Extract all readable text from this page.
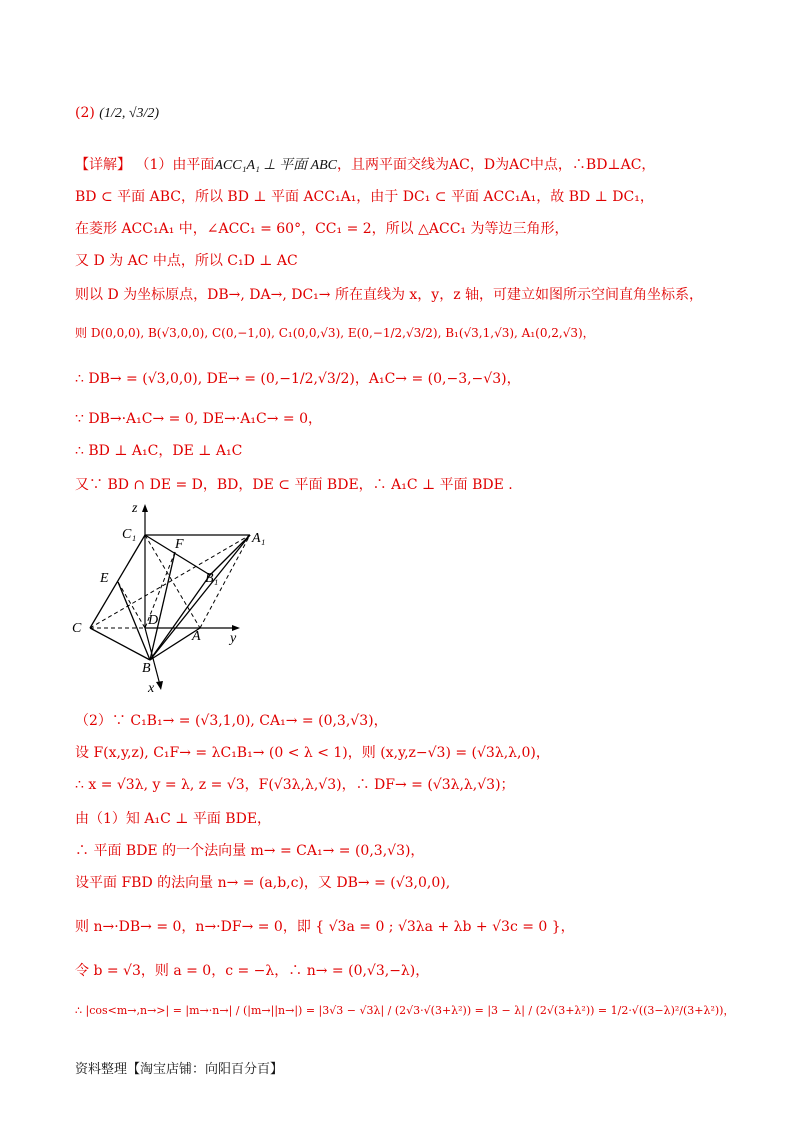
(2) (1/2, √3/2)
【详解】 （1）由平面ACC₁A₁ ⊥ 平面 ABC，且两平面交线为AC，D为AC中点，∴BD⊥AC，
BD ⊂ 平面 ABC，所以 BD ⊥ 平面 ACC₁A₁，由于 DC₁ ⊂ 平面 ACC₁A₁，故 BD ⊥ DC₁，
在菱形 ACC₁A₁ 中，∠ACC₁ = 60°，CC₁ = 2，所以 △ACC₁ 为等边三角形，
又 D 为 AC 中点，所以 C₁D ⊥ AC
则以 D 为坐标原点，DB→, DA→, DC₁→ 所在直线为 x，y，z 轴，可建立如图所示空间直角坐标系，
则 D(0,0,0), B(√3,0,0), C(0,−1,0), C₁(0,0,√3), E(0,−1/2,√3/2), B₁(√3,1,√3), A₁(0,2,√3)，
∴ DB→ = (√3,0,0), DE→ = (0,−1/2,√3/2)，A₁C→ = (0,−3,−√3)，
∵ DB→·A₁C→ = 0, DE→·A₁C→ = 0，
∴ BD ⊥ A₁C，DE ⊥ A₁C
又∵ BD ∩ DE = D，BD，DE ⊂ 平面 BDE，∴ A₁C ⊥ 平面 BDE .
z
C₁
F	A₁
E	B₁
C
D
A y
B
x
（2）∵ C₁B₁→ = (√3,1,0), CA₁→ = (0,3,√3)，
设 F(x,y,z), C₁F→ = λC₁B₁→ (0 < λ < 1)，则 (x,y,z−√3) = (√3λ,λ,0)，
∴ x = √3λ, y = λ, z = √3，F(√3λ,λ,√3)，∴ DF→ = (√3λ,λ,√3)；
由（1）知 A₁C ⊥ 平面 BDE，
∴ 平面 BDE 的一个法向量 m→ = CA₁→ = (0,3,√3)，
设平面 FBD 的法向量 n→ = (a,b,c)，又 DB→ = (√3,0,0),
则 n→·DB→ = 0，n→·DF→ = 0，即 { √3a = 0 ; √3λa + λb + √3c = 0 }，
令 b = √3，则 a = 0，c = −λ，∴ n→ = (0,√3,−λ)，
∴ |cos<m→,n→>| = |m→·n→| / (|m→||n→|) = |3√3 − √3λ| / (2√3·√(3+λ²)) = |3 − λ| / (2√(3+λ²)) = 1/2·√((3−λ)²/(3+λ²))，
资料整理【淘宝店铺：向阳百分百】
